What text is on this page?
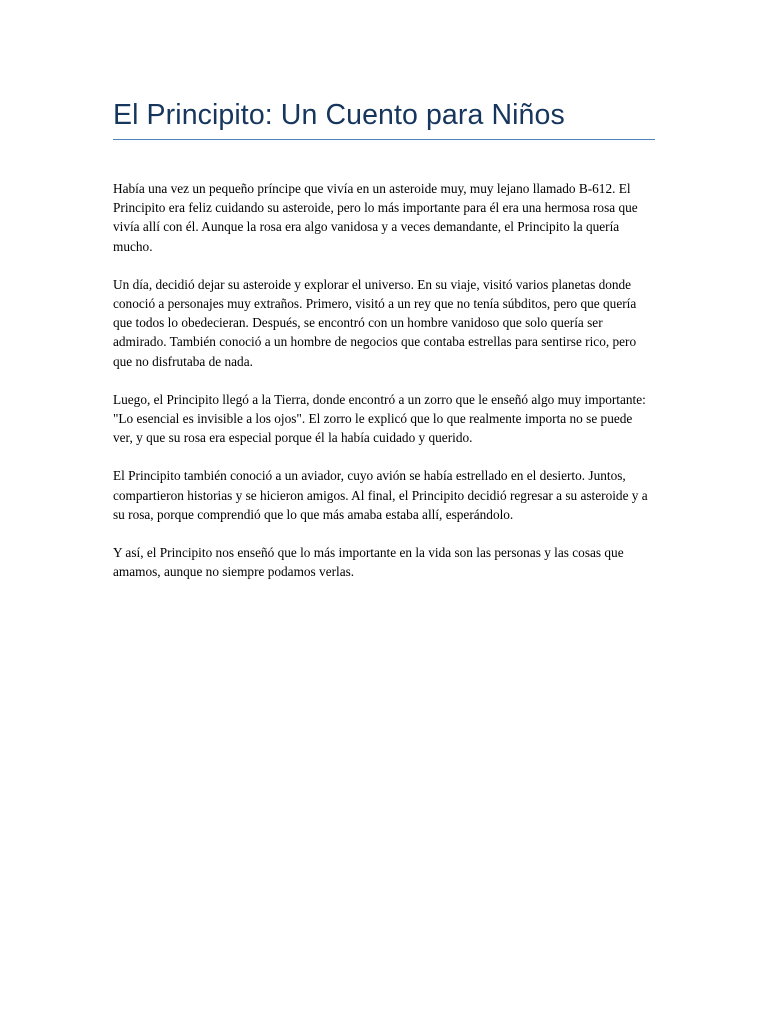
El Principito: Un Cuento para Niños

Había una vez un pequeño príncipe que vivía en un asteroide muy, muy lejano llamado B-612. El Principito era feliz cuidando su asteroide, pero lo más importante para él era una hermosa rosa que vivía allí con él. Aunque la rosa era algo vanidosa y a veces demandante, el Principito la quería mucho.

Un día, decidió dejar su asteroide y explorar el universo. En su viaje, visitó varios planetas donde conoció a personajes muy extraños. Primero, visitó a un rey que no tenía súbditos, pero que quería que todos lo obedecieran. Después, se encontró con un hombre vanidoso que solo quería ser admirado. También conoció a un hombre de negocios que contaba estrellas para sentirse rico, pero que no disfrutaba de nada.

Luego, el Principito llegó a la Tierra, donde encontró a un zorro que le enseñó algo muy importante: "Lo esencial es invisible a los ojos". El zorro le explicó que lo que realmente importa no se puede ver, y que su rosa era especial porque él la había cuidado y querido.

El Principito también conoció a un aviador, cuyo avión se había estrellado en el desierto. Juntos, compartieron historias y se hicieron amigos. Al final, el Principito decidió regresar a su asteroide y a su rosa, porque comprendió que lo que más amaba estaba allí, esperándolo.

Y así, el Principito nos enseñó que lo más importante en la vida son las personas y las cosas que amamos, aunque no siempre podamos verlas.
